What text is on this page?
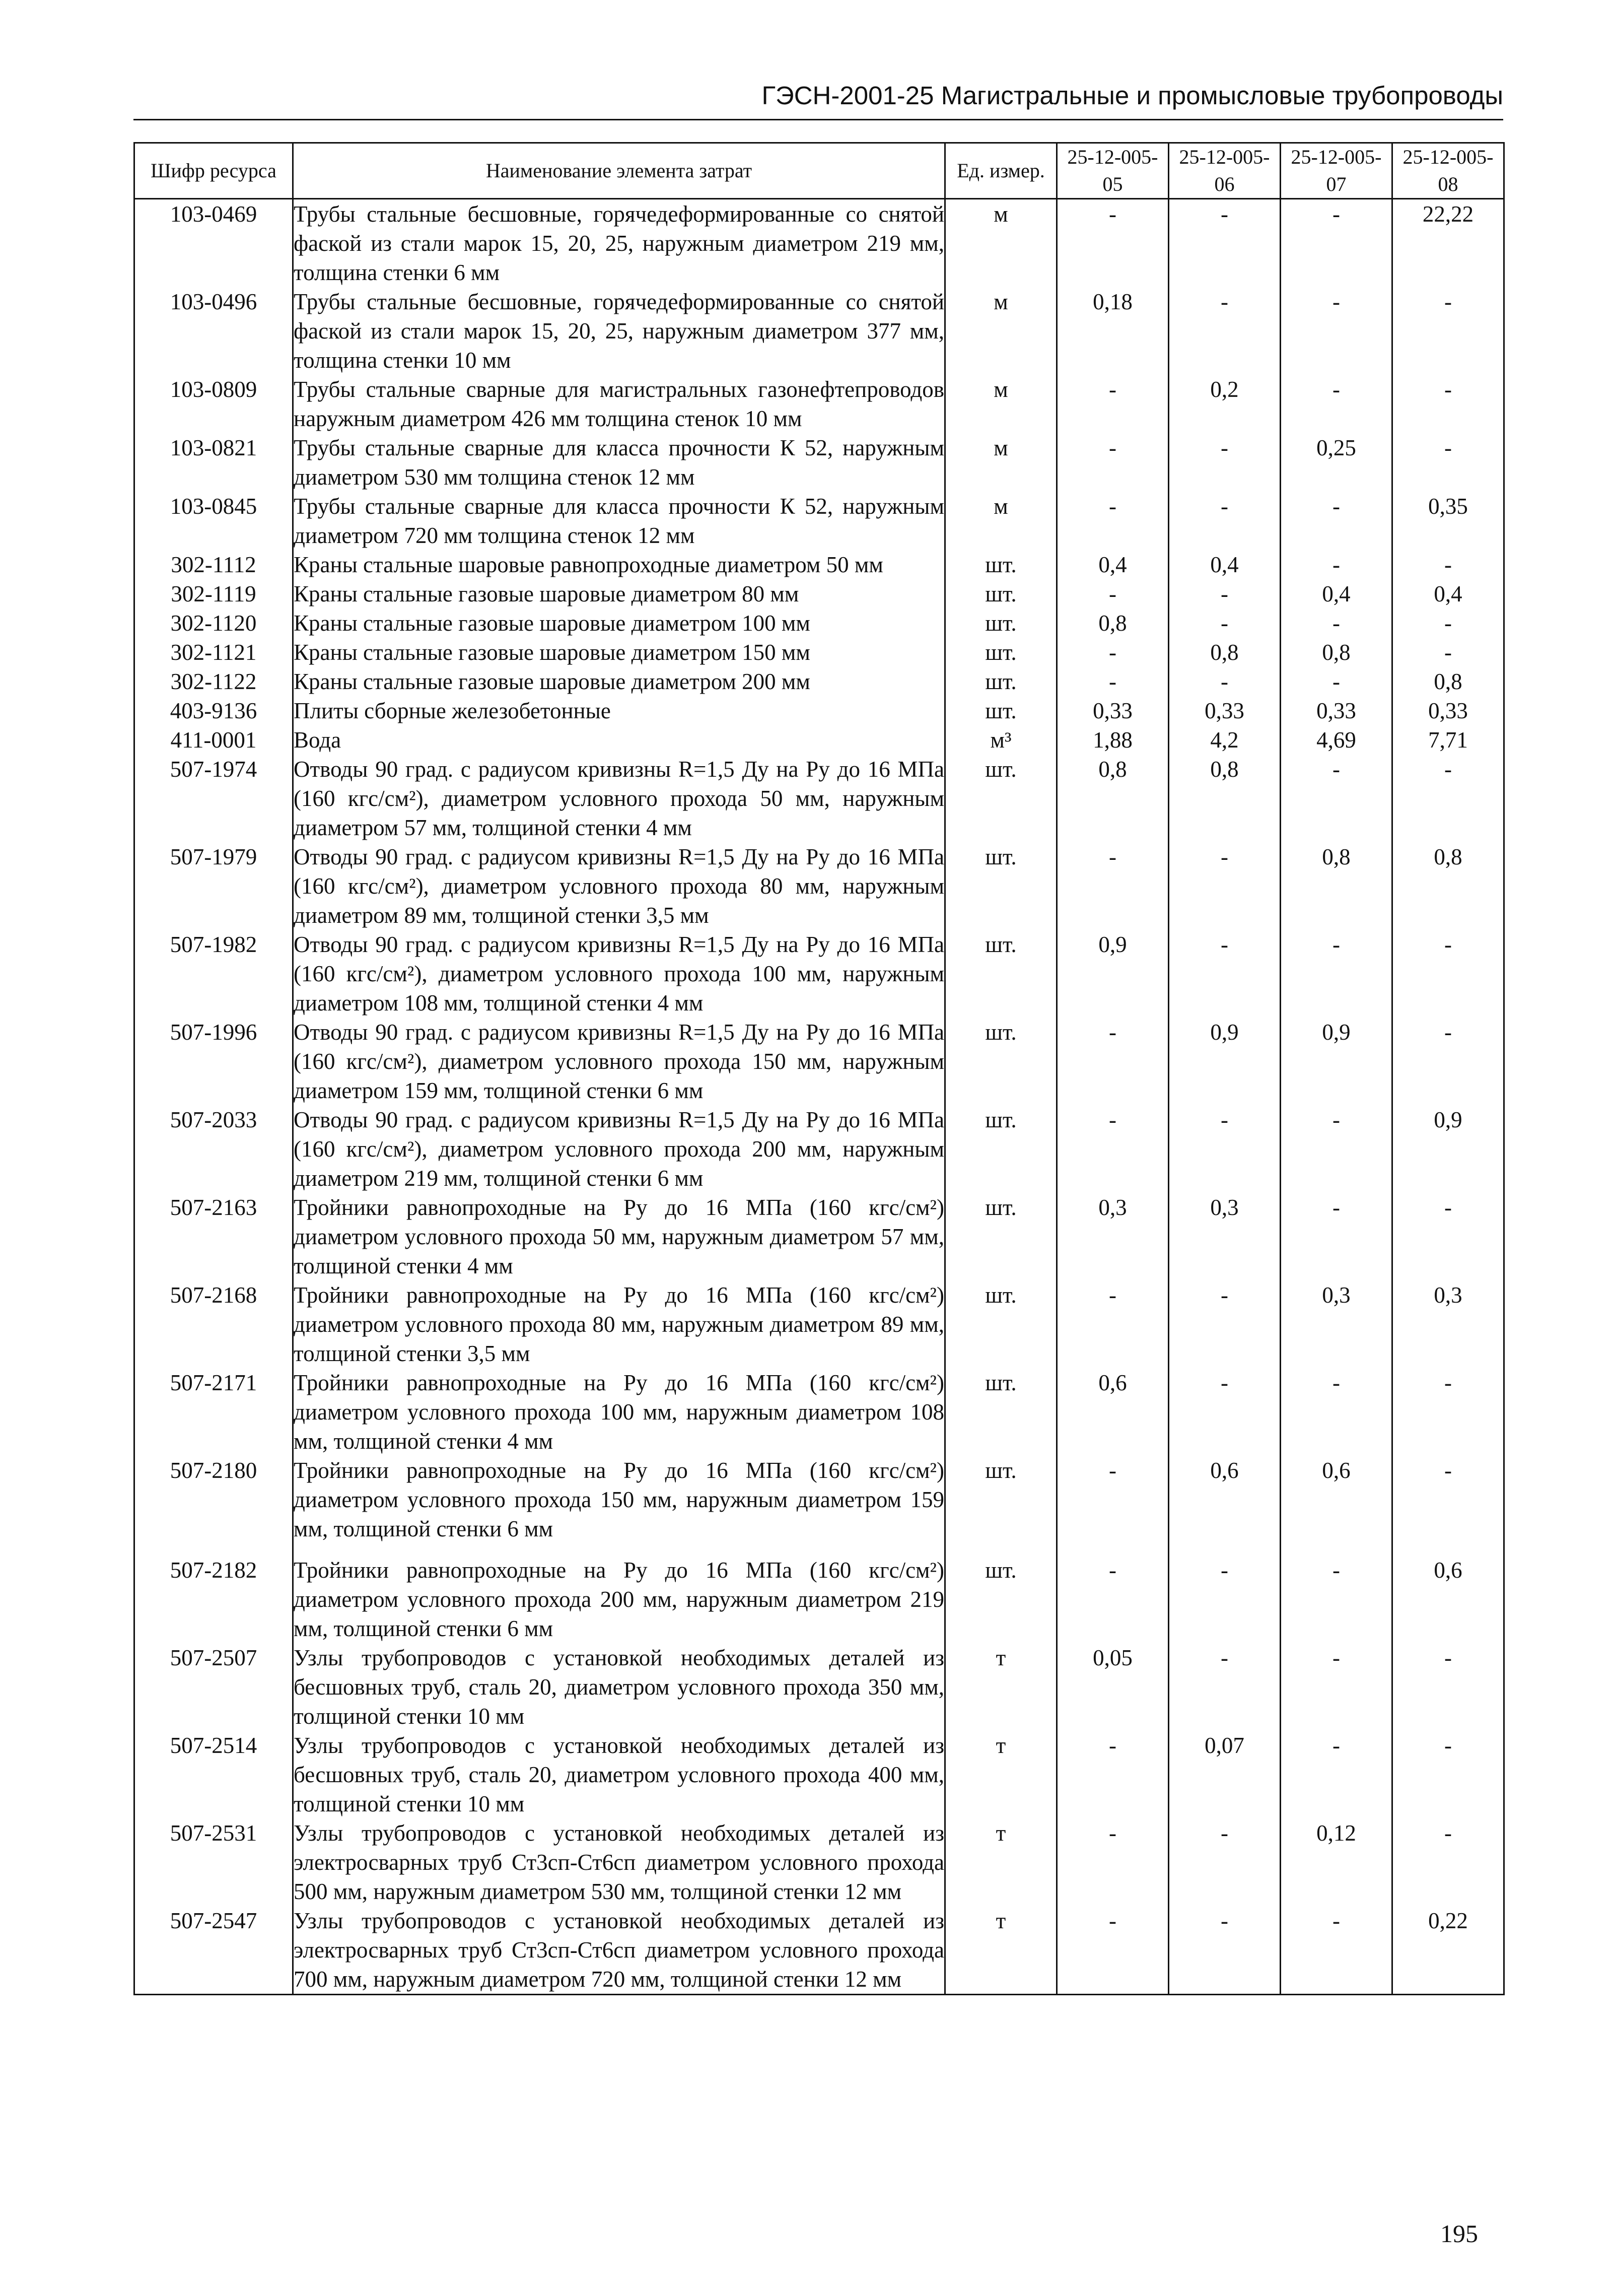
ГЭСН-2001-25 Магистральные и промысловые трубопроводы
Шифр ресурса	Наименование элемента затрат	Ед. измер.	25-12-005-05	25-12-005-06	25-12-005-07	25-12-005-08
103-0469	Трубы стальные бесшовные, горячедеформированные со снятой фаской из стали марок 15, 20, 25, наружным диаметром 219 мм, толщина стенки 6 мм	м	-	-	-	22,22
103-0496	Трубы стальные бесшовные, горячедеформированные со снятой фаской из стали марок 15, 20, 25, наружным диаметром 377 мм, толщина стенки 10 мм	м	0,18	-	-	-
103-0809	Трубы стальные сварные для магистральных газонефтепроводов наружным диаметром 426 мм толщина стенок 10 мм	м	-	0,2	-	-
103-0821	Трубы стальные сварные для класса прочности К 52, наружным диаметром 530 мм толщина стенок 12 мм	м	-	-	0,25	-
103-0845	Трубы стальные сварные для класса прочности К 52, наружным диаметром 720 мм толщина стенок 12 мм	м	-	-	-	0,35
302-1112	Краны стальные шаровые равнопроходные диаметром 50 мм	шт.	0,4	0,4	-	-
302-1119	Краны стальные газовые шаровые диаметром 80 мм	шт.	-	-	0,4	0,4
302-1120	Краны стальные газовые шаровые диаметром 100 мм	шт.	0,8	-	-	-
302-1121	Краны стальные газовые шаровые диаметром 150 мм	шт.	-	0,8	0,8	-
302-1122	Краны стальные газовые шаровые диаметром 200 мм	шт.	-	-	-	0,8
403-9136	Плиты сборные железобетонные	шт.	0,33	0,33	0,33	0,33
411-0001	Вода	м³	1,88	4,2	4,69	7,71
507-1974	Отводы 90 град. с радиусом кривизны R=1,5 Ду на Ру до 16 МПа (160 кгс/см²), диаметром условного прохода 50 мм, наружным диаметром 57 мм, толщиной стенки 4 мм	шт.	0,8	0,8	-	-
507-1979	Отводы 90 град. с радиусом кривизны R=1,5 Ду на Ру до 16 МПа (160 кгс/см²), диаметром условного прохода 80 мм, наружным диаметром 89 мм, толщиной стенки 3,5 мм	шт.	-	-	0,8	0,8
507-1982	Отводы 90 град. с радиусом кривизны R=1,5 Ду на Ру до 16 МПа (160 кгс/см²), диаметром условного прохода 100 мм, наружным диаметром 108 мм, толщиной стенки 4 мм	шт.	0,9	-	-	-
507-1996	Отводы 90 град. с радиусом кривизны R=1,5 Ду на Ру до 16 МПа (160 кгс/см²), диаметром условного прохода 150 мм, наружным диаметром 159 мм, толщиной стенки 6 мм	шт.	-	0,9	0,9	-
507-2033	Отводы 90 град. с радиусом кривизны R=1,5 Ду на Ру до 16 МПа (160 кгс/см²), диаметром условного прохода 200 мм, наружным диаметром 219 мм, толщиной стенки 6 мм	шт.	-	-	-	0,9
507-2163	Тройники равнопроходные на Ру до 16 МПа (160 кгс/см²) диаметром условного прохода 50 мм, наружным диаметром 57 мм, толщиной стенки 4 мм	шт.	0,3	0,3	-	-
507-2168	Тройники равнопроходные на Ру до 16 МПа (160 кгс/см²) диаметром условного прохода 80 мм, наружным диаметром 89 мм, толщиной стенки 3,5 мм	шт.	-	-	0,3	0,3
507-2171	Тройники равнопроходные на Ру до 16 МПа (160 кгс/см²) диаметром условного прохода 100 мм, наружным диаметром 108 мм, толщиной стенки 4 мм	шт.	0,6	-	-	-
507-2180	Тройники равнопроходные на Ру до 16 МПа (160 кгс/см²) диаметром условного прохода 150 мм, наружным диаметром 159 мм, толщиной стенки 6 мм	шт.	-	0,6	0,6	-
507-2182	Тройники равнопроходные на Ру до 16 МПа (160 кгс/см²) диаметром условного прохода 200 мм, наружным диаметром 219 мм, толщиной стенки 6 мм	шт.	-	-	-	0,6
507-2507	Узлы трубопроводов с установкой необходимых деталей из бесшовных труб, сталь 20, диаметром условного прохода 350 мм, толщиной стенки 10 мм	т	0,05	-	-	-
507-2514	Узлы трубопроводов с установкой необходимых деталей из бесшовных труб, сталь 20, диаметром условного прохода 400 мм, толщиной стенки 10 мм	т	-	0,07	-	-
507-2531	Узлы трубопроводов с установкой необходимых деталей из электросварных труб Ст3сп-Ст6сп диаметром условного прохода 500 мм, наружным диаметром 530 мм, толщиной стенки 12 мм	т	-	-	0,12	-
507-2547	Узлы трубопроводов с установкой необходимых деталей из электросварных труб Ст3сп-Ст6сп диаметром условного прохода 700 мм, наружным диаметром 720 мм, толщиной стенки 12 мм	т	-	-	-	0,22
195
